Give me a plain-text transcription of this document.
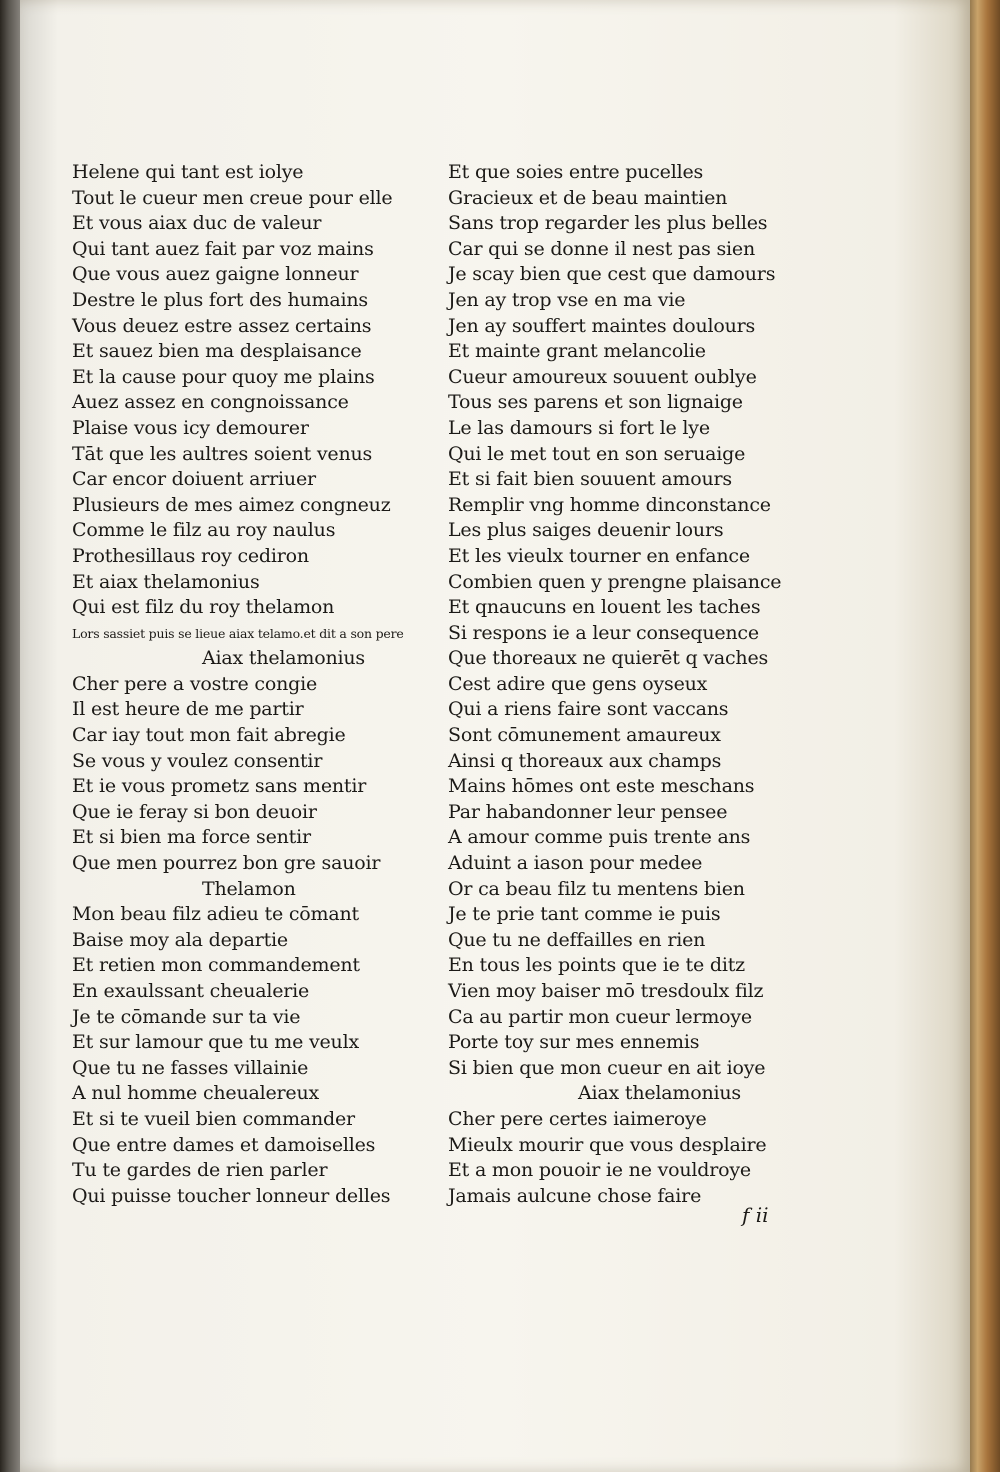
Helene qui tant est iolye
Tout le cueur men creue pour elle
Et vous aiax duc de valeur
Qui tant auez fait par voz mains
Que vous auez gaigne lonneur
Destre le plus fort des humains
Vous deuez estre assez certains
Et sauez bien ma desplaisance
Et la cause pour quoy me plains
Auez assez en congnoissance
Plaise vous icy demourer
Tāt que les aultres soient venus
Car encor doiuent arriuer
Plusieurs de mes aimez congneuz
Comme le filz au roy naulus
Prothesillaus roy cediron
Et aiax thelamonius
Qui est filz du roy thelamon
Lors sassiet puis se lieue aiax telamo.et dit a son pere
Aiax thelamonius
Cher pere a vostre congie
Il est heure de me partir
Car iay tout mon fait abregie
Se vous y voulez consentir
Et ie vous prometz sans mentir
Que ie feray si bon deuoir
Et si bien ma force sentir
Que men pourrez bon gre sauoir
Thelamon
Mon beau filz adieu te cōmant
Baise moy ala departie
Et retien mon commandement
En exaulssant cheualerie
Je te cōmande sur ta vie
Et sur lamour que tu me veulx
Que tu ne fasses villainie
A nul homme cheualereux
Et si te vueil bien commander
Que entre dames et damoiselles
Tu te gardes de rien parler
Qui puisse toucher lonneur delles
Et que soies entre pucelles
Gracieux et de beau maintien
Sans trop regarder les plus belles
Car qui se donne il nest pas sien
Je scay bien que cest que damours
Jen ay trop vse en ma vie
Jen ay souffert maintes doulours
Et mainte grant melancolie
Cueur amoureux souuent oublye
Tous ses parens et son lignaige
Le las damours si fort le lye
Qui le met tout en son seruaige
Et si fait bien souuent amours
Remplir vng homme dinconstance
Les plus saiges deuenir lours
Et les vieulx tourner en enfance
Combien quen y prengne plaisance
Et qnaucuns en louent les taches
Si respons ie a leur consequence
Que thoreaux ne quierēt q vaches
Cest adire que gens oyseux
Qui a riens faire sont vaccans
Sont cōmunement amaureux
Ainsi q thoreaux aux champs
Mains hōmes ont este meschans
Par habandonner leur pensee
A amour comme puis trente ans
Aduint a iason pour medee
Or ca beau filz tu mentens bien
Je te prie tant comme ie puis
Que tu ne deffailles en rien
En tous les points que ie te ditz
Vien moy baiser mō tresdoulx filz
Ca au partir mon cueur lermoye
Porte toy sur mes ennemis
Si bien que mon cueur en ait ioye
Aiax thelamonius
Cher pere certes iaimeroye
Mieulx mourir que vous desplaire
Et a mon pouoir ie ne vouldroye
Jamais aulcune chose faire
f ii
